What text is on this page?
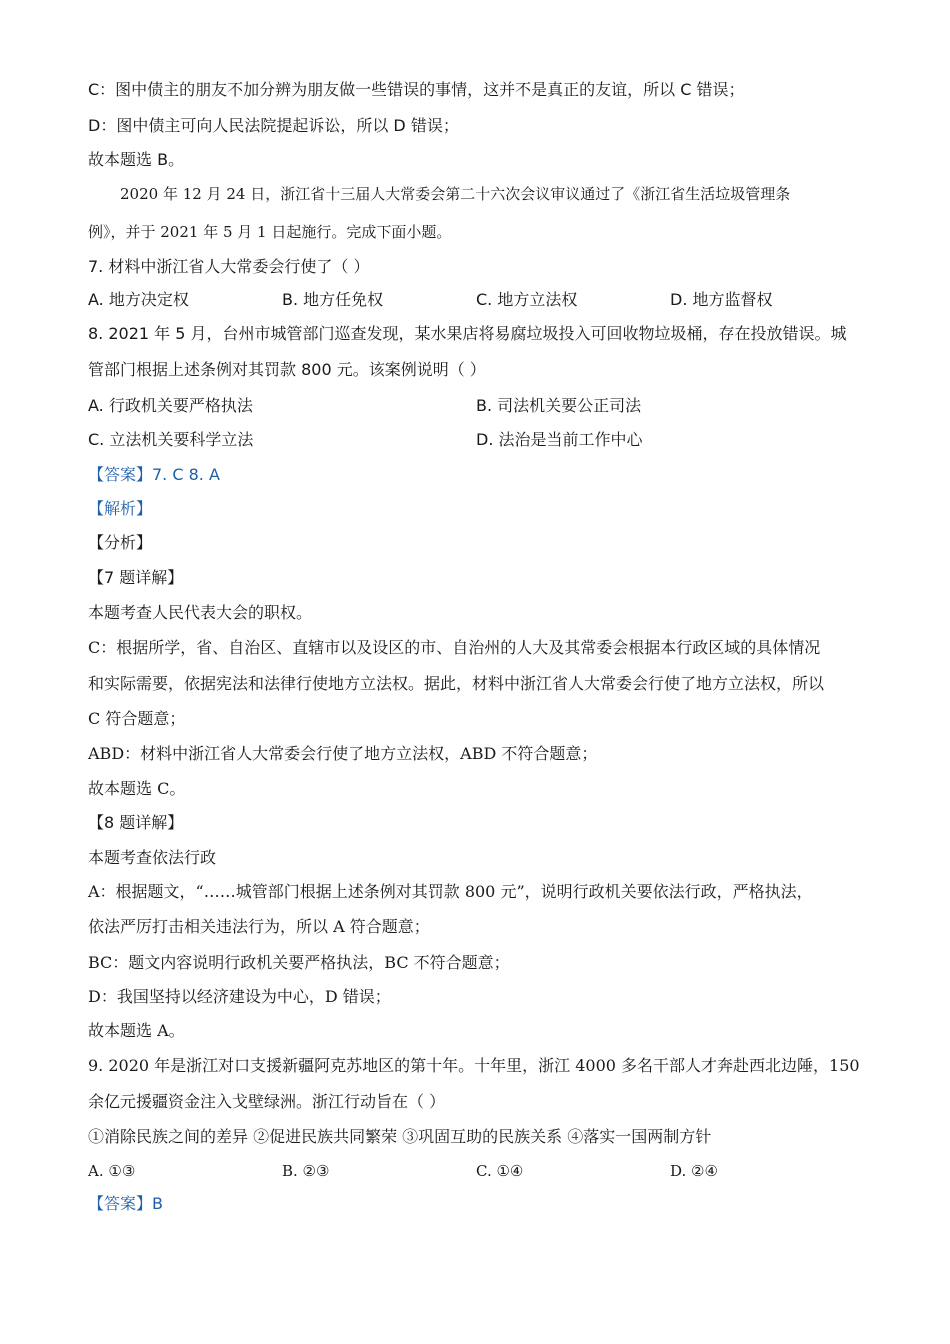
C：图中债主的朋友不加分辨为朋友做一些错误的事情，这并不是真正的友谊，所以 C 错误；
D：图中债主可向人民法院提起诉讼，所以 D 错误；
故本题选 B。
2020 年 12 月 24 日，浙江省十三届人大常委会第二十六次会议审议通过了《浙江省生活垃圾管理条
例》，并于 2021 年 5 月 1 日起施行。完成下面小题。
7. 材料中浙江省人大常委会行使了（ ）
A. 地方决定权	B. 地方任免权	C. 地方立法权	D. 地方监督权
8. 2021 年 5 月，台州市城管部门巡查发现，某水果店将易腐垃圾投入可回收物垃圾桶，存在投放错误。城
管部门根据上述条例对其罚款 800 元。该案例说明（ ）
A. 行政机关要严格执法	B. 司法机关要公正司法
C. 立法机关要科学立法	D. 法治是当前工作中心
【答案】7. C 8. A
【解析】
【分析】
【7 题详解】
本题考查人民代表大会的职权。
C：根据所学，省、自治区、直辖市以及设区的市、自治州的人大及其常委会根据本行政区域的具体情况
和实际需要，依据宪法和法律行使地方立法权。据此，材料中浙江省人大常委会行使了地方立法权，所以
C 符合题意；
ABD：材料中浙江省人大常委会行使了地方立法权，ABD 不符合题意；
故本题选 C。
【8 题详解】
本题考查依法行政
A：根据题文，“……城管部门根据上述条例对其罚款 800 元”，说明行政机关要依法行政，严格执法，
依法严厉打击相关违法行为，所以 A 符合题意；
BC：题文内容说明行政机关要严格执法，BC 不符合题意；
D：我国坚持以经济建设为中心，D 错误；
故本题选 A。
9. 2020 年是浙江对口支援新疆阿克苏地区的第十年。十年里，浙江 4000 多名干部人才奔赴西北边陲，150
余亿元援疆资金注入戈壁绿洲。浙江行动旨在（ ）
①消除民族之间的差异 ②促进民族共同繁荣 ③巩固互助的民族关系 ④落实一国两制方针
A. ①③	B. ②③	C. ①④	D. ②④
【答案】B
